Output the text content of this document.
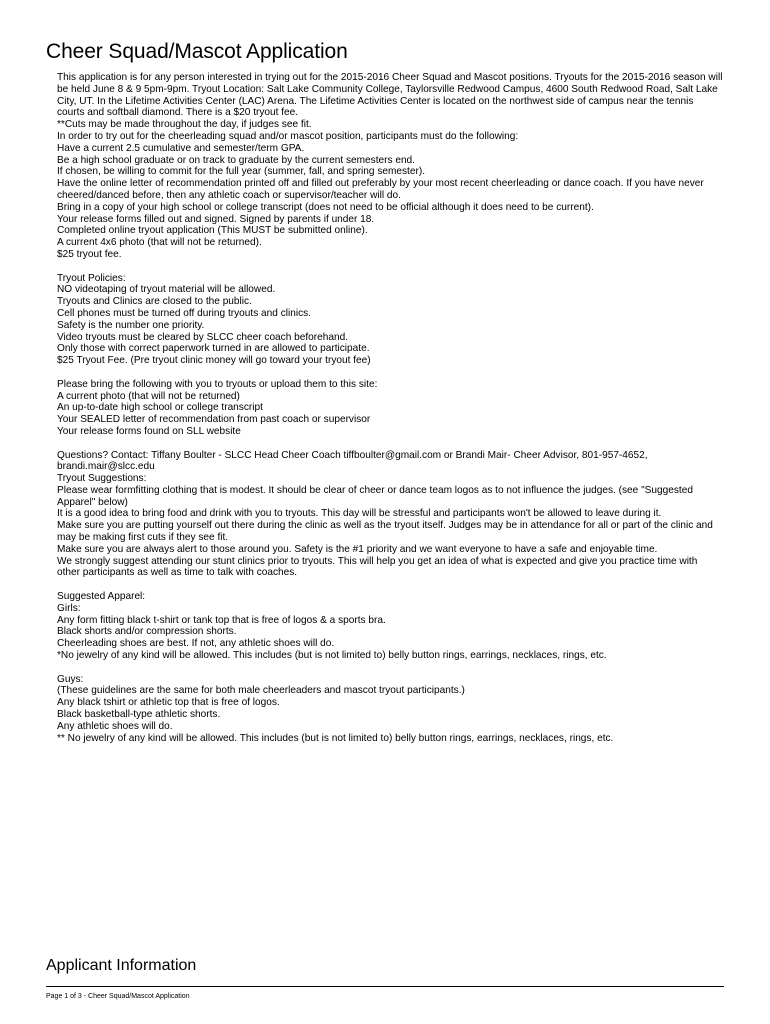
Cheer Squad/Mascot Application

This application is for any person interested in trying out for the 2015-2016 Cheer Squad and Mascot positions. Tryouts for the 2015-2016 season will be held June 8 & 9 5pm-9pm. Tryout Location: Salt Lake Community College, Taylorsville Redwood Campus, 4600 South Redwood Road, Salt Lake City, UT. In the Lifetime Activities Center (LAC) Arena. The Lifetime Activities Center is located on the northwest side of campus near the tennis courts and softball diamond. There is a $20 tryout fee.

**Cuts may be made throughout the day, if judges see fit.

In order to try out for the cheerleading squad and/or mascot position, participants must do the following:

Have a current 2.5 cumulative and semester/term GPA.
Be a high school graduate or on track to graduate by the current semesters end.
If chosen, be willing to commit for the full year (summer, fall, and spring semester).
Have the online letter of recommendation printed off and filled out preferably by your most recent cheerleading or dance coach. If you have never cheered/danced before, then any athletic coach or supervisor/teacher will do.
Bring in a copy of your high school or college transcript (does not need to be official although it does need to be current).
Your release forms filled out and signed. Signed by parents if under 18.
Completed online tryout application (This MUST be submitted online).
A current 4x6 photo (that will not be returned).
$25 tryout fee.

Tryout Policies:

NO videotaping of tryout material will be allowed.
Tryouts and Clinics are closed to the public.
Cell phones must be turned off during tryouts and clinics.
Safety is the number one priority.
Video tryouts must be cleared by SLCC cheer coach beforehand.
Only those with correct paperwork turned in are allowed to participate.
$25 Tryout Fee. (Pre tryout clinic money will go toward your tryout fee)

Please bring the following with you to tryouts or upload them to this site:

A current photo (that will not be returned)
An up-to-date high school or college transcript
Your SEALED letter of recommendation from past coach or supervisor
Your release forms found on SLL website

Questions? Contact: Tiffany Boulter - SLCC Head Cheer Coach tiffboulter@gmail.com or Brandi Mair- Cheer Advisor, 801-957-4652, brandi.mair@slcc.edu

Tryout Suggestions:

Please wear formfitting clothing that is modest. It should be clear of cheer or dance team logos as to not influence the judges. (see "Suggested Apparel" below)
It is a good idea to bring food and drink with you to tryouts. This day will be stressful and participants won't be allowed to leave during it.
Make sure you are putting yourself out there during the clinic as well as the tryout itself. Judges may be in attendance for all or part of the clinic and may be making first cuts if they see fit.
Make sure you are always alert to those around you. Safety is the #1 priority and we want everyone to have a safe and enjoyable time.
We strongly suggest attending our stunt clinics prior to tryouts. This will help you get an idea of what is expected and give you practice time with other participants as well as time to talk with coaches.

Suggested Apparel:

Girls:

Any form fitting black t-shirt or tank top that is free of logos & a sports bra.
Black shorts and/or compression shorts.
Cheerleading shoes are best. If not, any athletic shoes will do.
*No jewelry of any kind will be allowed. This includes (but is not limited to) belly button rings, earrings, necklaces, rings, etc.

Guys:

(These guidelines are the same for both male cheerleaders and mascot tryout participants.)
Any black tshirt or athletic top that is free of logos.
Black basketball-type athletic shorts.
Any athletic shoes will do.
** No jewelry of any kind will be allowed. This includes (but is not limited to) belly button rings, earrings, necklaces, rings, etc.
Applicant Information
Page 1 of 3 - Cheer Squad/Mascot Application
